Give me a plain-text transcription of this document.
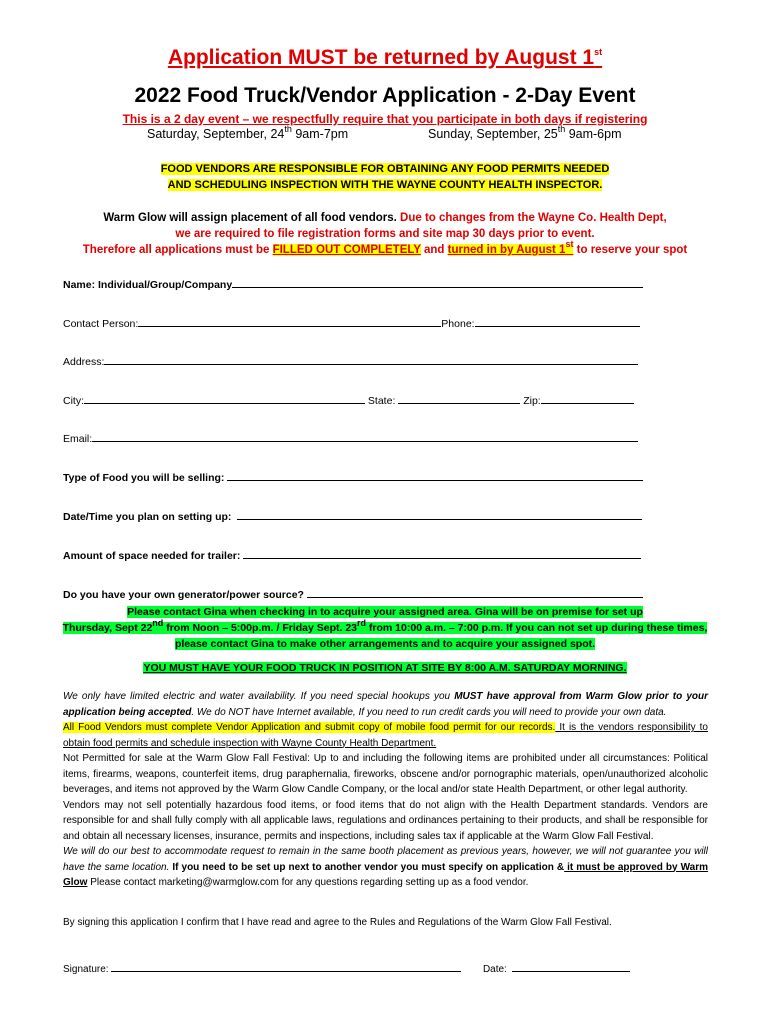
Application MUST be returned by August 1st
2022 Food Truck/Vendor Application - 2-Day Event
This is a 2 day event – we respectfully require that you participate in both days if registering
Saturday, September, 24th 9am-7pm	Sunday, September, 25th 9am-6pm
FOOD VENDORS ARE RESPONSIBLE FOR OBTAINING ANY FOOD PERMITS NEEDED
AND SCHEDULING INSPECTION WITH THE WAYNE COUNTY HEALTH INSPECTOR.
Warm Glow will assign placement of all food vendors. Due to changes from the Wayne Co. Health Dept,
we are required to file registration forms and site map 30 days prior to event.
Therefore all applications must be FILLED OUT COMPLETELY and turned in by August 1st to reserve your spot
Name: Individual/Group/Company
Contact Person:	Phone:
Address:
City:	State:	Zip:
Email:
Type of Food you will be selling:
Date/Time you plan on setting up:
Amount of space needed for trailer:
Do you have your own generator/power source?
Please contact Gina when checking in to acquire your assigned area. Gina will be on premise for set up
Thursday, Sept 22nd from Noon – 5:00p.m. / Friday Sept. 23rd from 10:00 a.m. – 7:00 p.m. If you can not set up during these times,
please contact Gina to make other arrangements and to acquire your assigned spot.
YOU MUST HAVE YOUR FOOD TRUCK IN POSITION AT SITE BY 8:00 A.M. SATURDAY MORNING.

We only have limited electric and water availability. If you need special hookups you MUST have approval from Warm Glow prior to your application being accepted. We do NOT have Internet available, If you need to run credit cards you will need to provide your own data.

All Food Vendors must complete Vendor Application and submit copy of mobile food permit for our records. It is the vendors responsibility to obtain food permits and schedule inspection with Wayne County Health Department.

Not Permitted for sale at the Warm Glow Fall Festival: Up to and including the following items are prohibited under all circumstances: Political items, firearms, weapons, counterfeit items, drug paraphernalia, fireworks, obscene and/or pornographic materials, open/unauthorized alcoholic beverages, and items not approved by the Warm Glow Candle Company, or the local and/or state Health Department, or other legal authority.

Vendors may not sell potentially hazardous food items, or food items that do not align with the Health Department standards. Vendors are responsible for and shall fully comply with all applicable laws, regulations and ordinances pertaining to their products, and shall be responsible for and obtain all necessary licenses, insurance, permits and inspections, including sales tax if applicable at the Warm Glow Fall Festival.

We will do our best to accommodate request to remain in the same booth placement as previous years, however, we will not guarantee you will have the same location. If you need to be set up next to another vendor you must specify on application & it must be approved by Warm Glow Please contact marketing@warmglow.com for any questions regarding setting up as a food vendor.

By signing this application I confirm that I have read and agree to the Rules and Regulations of the Warm Glow Fall Festival.
Signature:	Date:
